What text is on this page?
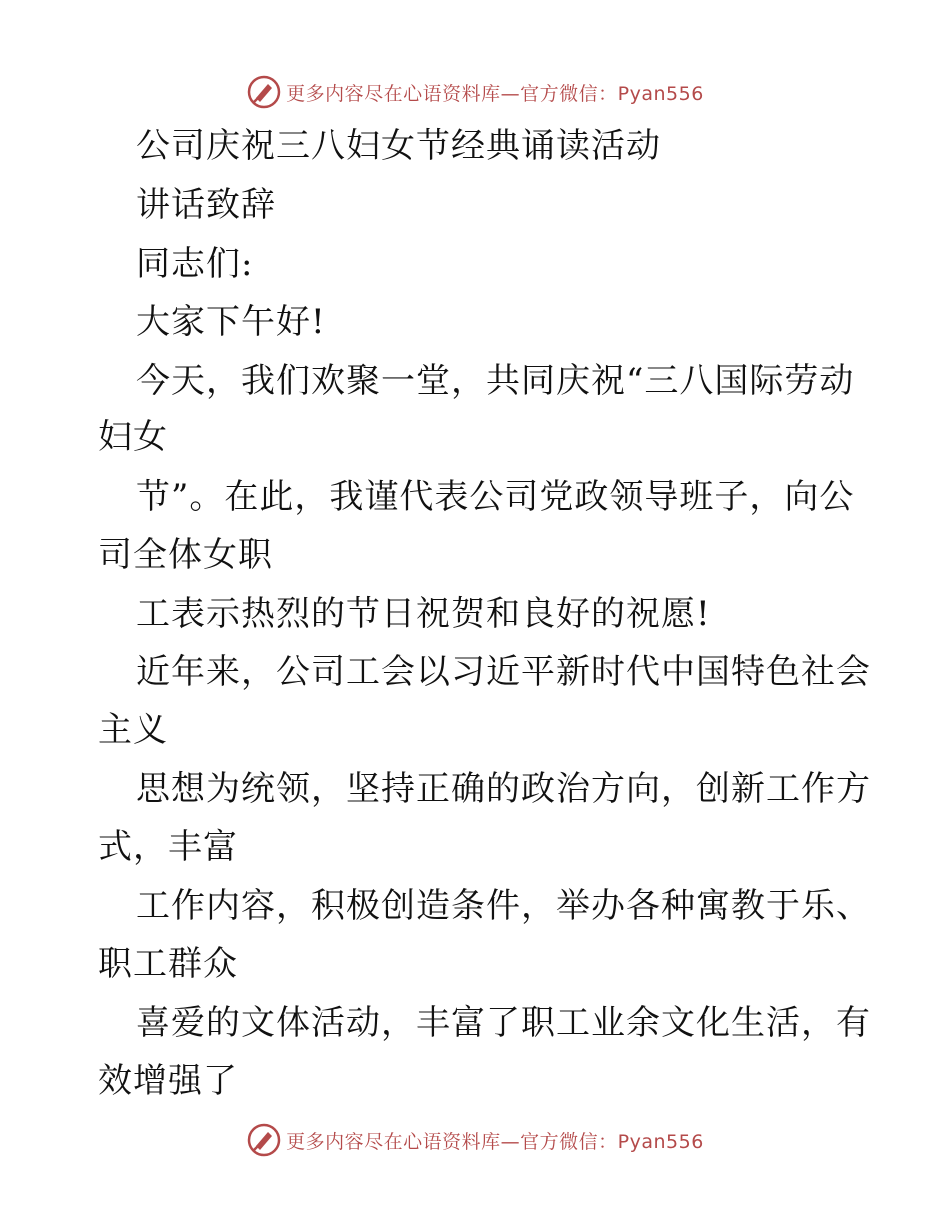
更多内容尽在心语资料库—官方微信：Pyan556
公司庆祝三八妇女节经典诵读活动
讲话致辞
同志们:
大家下午好!
今天，我们欢聚一堂，共同庆祝“三八国际劳动
妇女
节”。在此，我谨代表公司党政领导班子，向公
司全体女职
工表示热烈的节日祝贺和良好的祝愿!
近年来，公司工会以习近平新时代中国特色社会
主义
思想为统领，坚持正确的政治方向，创新工作方
式，丰富
工作内容，积极创造条件，举办各种寓教于乐、
职工群众
喜爱的文体活动，丰富了职工业余文化生活，有
效增强了
更多内容尽在心语资料库—官方微信：Pyan556
